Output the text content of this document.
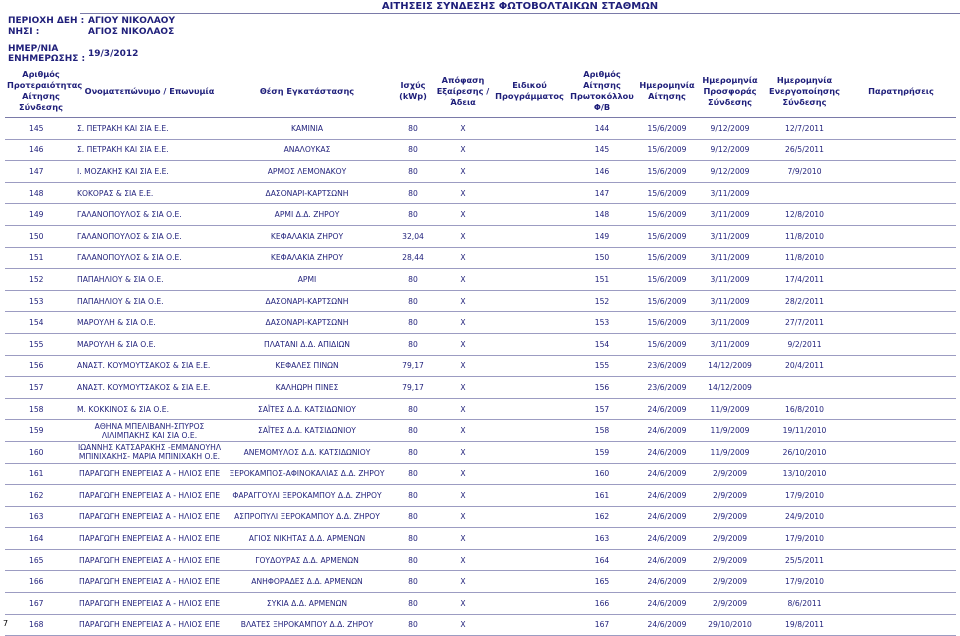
ΑΙΤΗΣΕΙΣ ΣΥΝΔΕΣΗΣ ΦΩΤΟΒΟΛΤΑΙΚΩΝ ΣΤΑΘΜΩΝ
ΠΕΡΙΟΧΗ ΔΕΗ : ΑΓΙΟΥ ΝΙΚΟΛΑΟΥ
ΝΗΣΙ :	ΑΓΙΟΣ ΝΙΚΟΛΑΟΣ
ΗΜΕΡ/ΝΙΑ
ΕΝΗΜΕΡΩΣΗΣ : 19/3/2012
Αριθμός Προτεραιότητας Αίτησης Σύνδεσης	Ονοματεπώνυμο / Επωνυμία	Θέση Εγκατάστασης	Ισχύς (kWp)	Απόφαση Εξαίρεσης / Άδεια	Ειδικού Προγράμματος	Αριθμός Αίτησης Πρωτοκόλλου Φ/Β	Ημερομηνία Αίτησης	Ημερομηνία Προσφοράς Σύνδεσης	Ημερομηνία Ενεργοποίησης Σύνδεσης	Παρατηρήσεις
145	Σ. ΠΕΤΡΑΚΗ ΚΑΙ ΣΙΑ Ε.Ε.	ΚΑΜΙΝΙΑ	80	Χ		144	15/6/2009	9/12/2009	12/7/2011	
146	Σ. ΠΕΤΡΑΚΗ ΚΑΙ ΣΙΑ Ε.Ε.	ΑΝΑΛΟΥΚΑΣ	80	Χ		145	15/6/2009	9/12/2009	26/5/2011	
147	Ι. ΜΟΖΑΚΗΣ ΚΑΙ ΣΙΑ Ε.Ε.	ΑΡΜΟΣ ΛΕΜΟΝΑΚΟΥ	80	Χ		146	15/6/2009	9/12/2009	7/9/2010	
148	ΚΟΚΟΡΑΣ & ΣΙΑ Ε.Ε.	ΔΑΣΟΝΑΡΙ-ΚΑΡΤΣΩΝΗ	80	Χ		147	15/6/2009	3/11/2009		
149	ΓΑΛΑΝΟΠΟΥΛΟΣ & ΣΙΑ Ο.Ε.	ΑΡΜΙ Δ.Δ. ΖΗΡΟΥ	80	Χ		148	15/6/2009	3/11/2009	12/8/2010	
150	ΓΑΛΑΝΟΠΟΥΛΟΣ & ΣΙΑ Ο.Ε.	ΚΕΦΑΛΑΚΙΑ ΖΗΡΟΥ	32,04	Χ		149	15/6/2009	3/11/2009	11/8/2010	
151	ΓΑΛΑΝΟΠΟΥΛΟΣ & ΣΙΑ Ο.Ε.	ΚΕΦΑΛΑΚΙΑ ΖΗΡΟΥ	28,44	Χ		150	15/6/2009	3/11/2009	11/8/2010	
152	ΠΑΠΑΗΛΙΟΥ & ΣΙΑ Ο.Ε.	ΑΡΜΙ	80	Χ		151	15/6/2009	3/11/2009	17/4/2011	
153	ΠΑΠΑΗΛΙΟΥ & ΣΙΑ Ο.Ε.	ΔΑΣΟΝΑΡΙ-ΚΑΡΤΣΩΝΗ	80	Χ		152	15/6/2009	3/11/2009	28/2/2011	
154	ΜΑΡΟΥΛΗ & ΣΙΑ Ο.Ε.	ΔΑΣΟΝΑΡΙ-ΚΑΡΤΣΩΝΗ	80	Χ		153	15/6/2009	3/11/2009	27/7/2011	
155	ΜΑΡΟΥΛΗ & ΣΙΑ Ο.Ε.	ΠΛΑΤΑΝΙ Δ.Δ. ΑΠΙΔΙΩΝ	80	Χ		154	15/6/2009	3/11/2009	9/2/2011	
156	ΑΝΑΣΤ. ΚΟΥΜΟΥΤΣΑΚΟΣ & ΣΙΑ Ε.Ε.	ΚΕΦΑΛΕΣ ΠΙΝΩΝ	79,17	Χ		155	23/6/2009	14/12/2009	20/4/2011	
157	ΑΝΑΣΤ. ΚΟΥΜΟΥΤΣΑΚΟΣ & ΣΙΑ Ε.Ε.	ΚΑΛΗΩΡΗ ΠΙΝΕΣ	79,17	Χ		156	23/6/2009	14/12/2009		
158	Μ. ΚΟΚΚΙΝΟΣ & ΣΙΑ Ο.Ε.	ΣΑΪΤΕΣ Δ.Δ. ΚΑΤΣΙΔΩΝΙΟΥ	80	Χ		157	24/6/2009	11/9/2009	16/8/2010	
159	ΑΘΗΝΑ ΜΠΕΛΙΒΑΝΗ-ΣΠΥΡΟΣ ΛΙΛΙΜΠΑΚΗΣ ΚΑΙ ΣΙΑ Ο.Ε.	ΣΑΪΤΕΣ Δ.Δ. ΚΑΤΣΙΔΩΝΙΟΥ	80	Χ		158	24/6/2009	11/9/2009	19/11/2010	
160	ΙΩΑΝΝΗΣ ΚΑΤΣΑΡΑΚΗΣ -ΕΜΜΑΝΟΥΗΛ ΜΠΙΝΙΧΑΚΗΣ- ΜΑΡΙΑ ΜΠΙΝΙΧΑΚΗ Ο.Ε.	ΑΝΕΜΟΜΥΛΟΣ Δ.Δ. ΚΑΤΣΙΔΩΝΙΟΥ	80	Χ		159	24/6/2009	11/9/2009	26/10/2010	
161	ΠΑΡΑΓΩΓΗ ΕΝΕΡΓΕΙΑΣ Α - ΗΛΙΟΣ ΕΠΕ	ΞΕΡΟΚΑΜΠΟΣ-ΑΦΙΝΟΚΑΛΙΑΣ Δ.Δ. ΖΗΡΟΥ	80	Χ		160	24/6/2009	2/9/2009	13/10/2010	
162	ΠΑΡΑΓΩΓΗ ΕΝΕΡΓΕΙΑΣ Α - ΗΛΙΟΣ ΕΠΕ	ΦΑΡΑΓΓΟΥΛΙ ΞΕΡΟΚΑΜΠΟΥ Δ.Δ. ΖΗΡΟΥ	80	Χ		161	24/6/2009	2/9/2009	17/9/2010	
163	ΠΑΡΑΓΩΓΗ ΕΝΕΡΓΕΙΑΣ Α - ΗΛΙΟΣ ΕΠΕ	ΑΣΠΡΟΠΥΛΙ ΞΕΡΟΚΑΜΠΟΥ Δ.Δ. ΖΗΡΟΥ	80	Χ		162	24/6/2009	2/9/2009	24/9/2010	
164	ΠΑΡΑΓΩΓΗ ΕΝΕΡΓΕΙΑΣ Α - ΗΛΙΟΣ ΕΠΕ	ΑΓΙΟΣ ΝΙΚΗΤΑΣ Δ.Δ. ΑΡΜΕΝΩΝ	80	Χ		163	24/6/2009	2/9/2009	17/9/2010	
165	ΠΑΡΑΓΩΓΗ ΕΝΕΡΓΕΙΑΣ Α - ΗΛΙΟΣ ΕΠΕ	ΓΟΥΔΟΥΡΑΣ Δ.Δ. ΑΡΜΕΝΩΝ	80	Χ		164	24/6/2009	2/9/2009	25/5/2011	
166	ΠΑΡΑΓΩΓΗ ΕΝΕΡΓΕΙΑΣ Α - ΗΛΙΟΣ ΕΠΕ	ΑΝΗΦΟΡΑΔΕΣ Δ.Δ. ΑΡΜΕΝΩΝ	80	Χ		165	24/6/2009	2/9/2009	17/9/2010	
167	ΠΑΡΑΓΩΓΗ ΕΝΕΡΓΕΙΑΣ Α - ΗΛΙΟΣ ΕΠΕ	ΣΥΚΙΑ Δ.Δ. ΑΡΜΕΝΩΝ	80	Χ		166	24/6/2009	2/9/2009	8/6/2011	
168	ΠΑΡΑΓΩΓΗ ΕΝΕΡΓΕΙΑΣ Α - ΗΛΙΟΣ ΕΠΕ	ΒΛΑΤΕΣ ΞΗΡΟΚΑΜΠΟΥ Δ.Δ. ΖΗΡΟΥ	80	Χ		167	24/6/2009	29/10/2010	19/8/2011	
7
